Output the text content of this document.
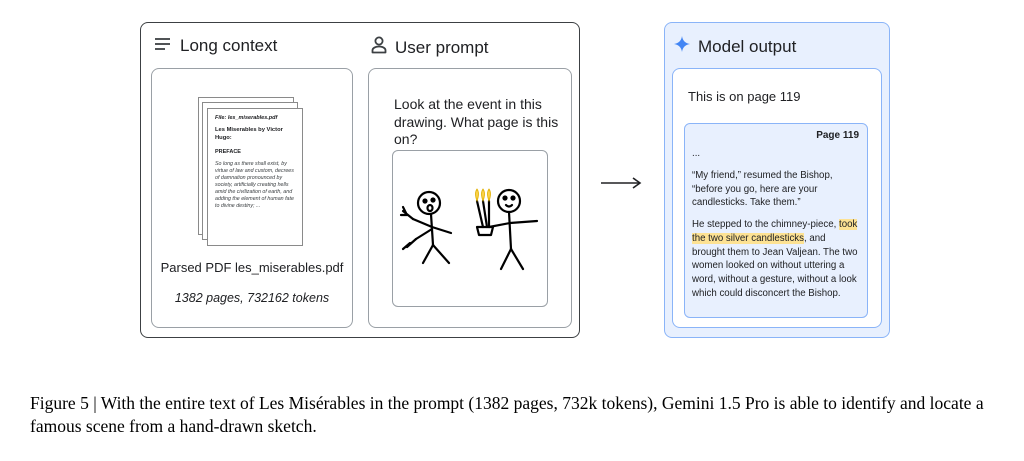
Long context	User prompt
File: les_miserables.pdf
Les Miserables by Victor Hugo:
PREFACE
So long as there shall exist, by virtue of law and custom, decrees of damnation pronounced by society, artificially creating hells amid the civilization of earth, and adding the element of human fate to divine destiny; ...
Parsed PDF les_miserables.pdf
1382 pages, 732162 tokens
Look at the event in this drawing. What page is this on?
Model output
This is on page 119
Page 119

...

“My friend,” resumed the Bishop, “before you go, here are your candlesticks. Take them.”

He stepped to the chimney-piece, took the two silver candlesticks, and brought them to Jean Valjean. The two women looked on without uttering a word, without a gesture, without a look which could disconcert the Bishop.

Figure 5 | With the entire text of Les Misérables in the prompt (1382 pages, 732k tokens), Gemini 1.5 Pro is able to identify and locate a famous scene from a hand-drawn sketch.
